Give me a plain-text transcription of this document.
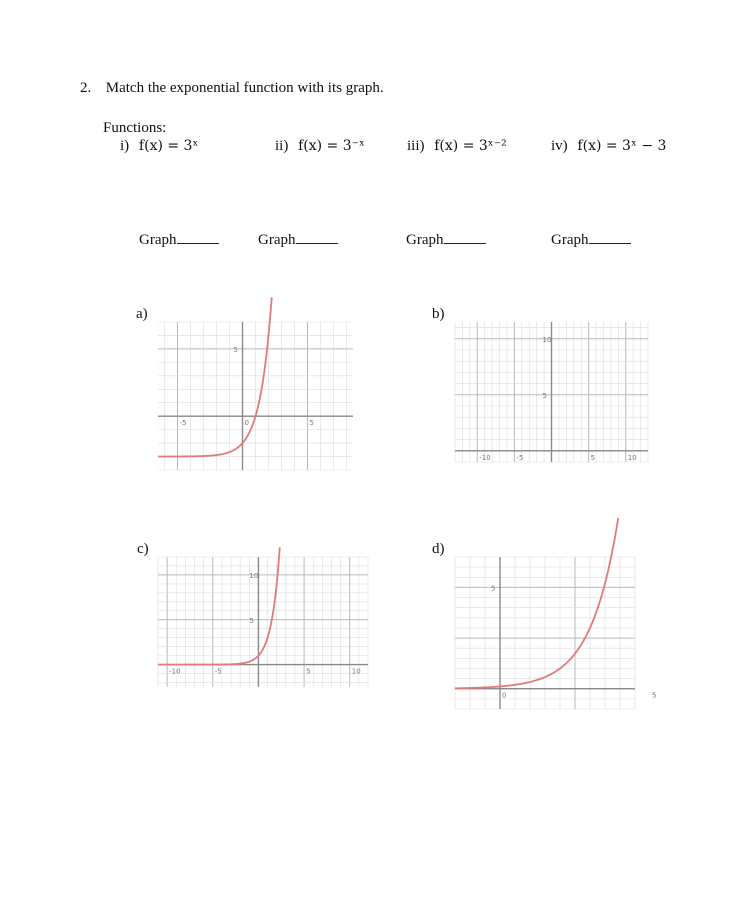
2. Match the exponential function with its graph.
Functions:
i) f(x) = 3ˣ	ii) f(x) = 3⁻ˣ	iii) f(x) = 3ˣ⁻²	iv) f(x) = 3ˣ − 3
Graph	Graph	Graph	Graph
a)	b)
c)	d)
-5	0	5
5
-10	-5	5	10
10
5
-10	-5	5	10
10
5
0	5
5
